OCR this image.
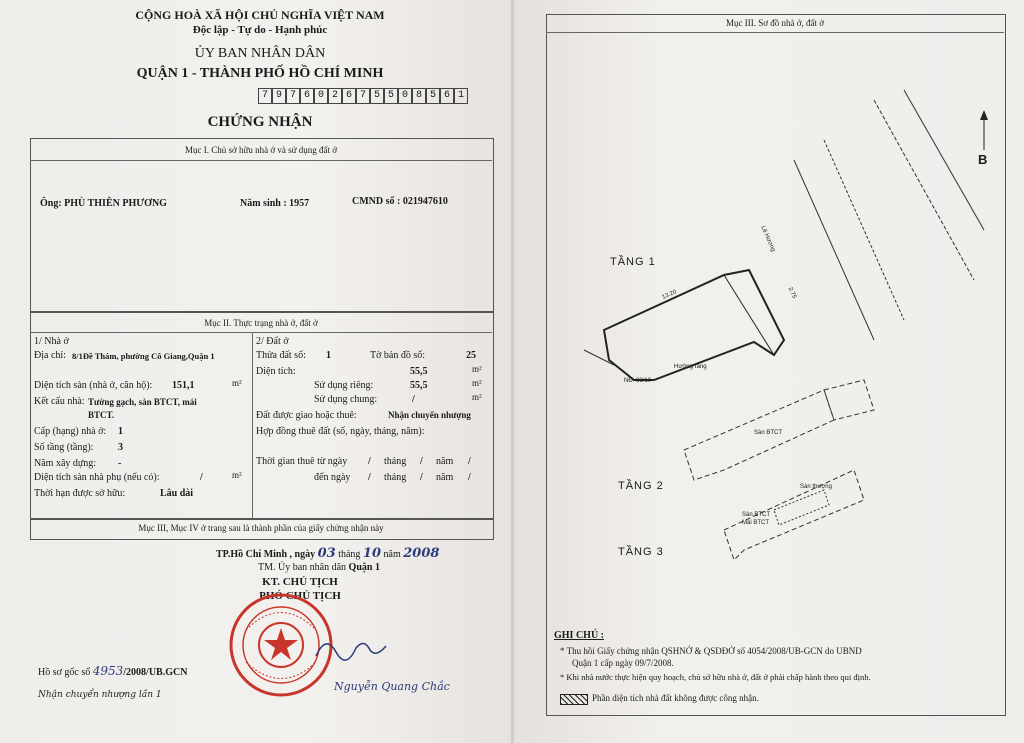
CỘNG HOÀ XÃ HỘI CHỦ NGHĨA VIỆT NAM
Độc lập - Tự do - Hạnh phúc
ỦY BAN NHÂN DÂN
QUẬN 1 - THÀNH PHỐ HỒ CHÍ MINH
7 9 7 6 0 2 6 7 5 5 0 8 5 6 1
CHỨNG NHẬN
Mục I. Chủ sở hữu nhà ở và sử dụng đất ở
Ông: PHÙ THIÊN PHƯƠNG	Năm sinh : 1957	CMND số : 021947610
Mục II. Thực trạng nhà ở, đất ở
1/ Nhà ở
Địa chỉ: 8/1Đề Thám, phường Cô Giang,Quận 1
Diện tích sàn (nhà ở, căn hộ): 151,1	m²
Kết cấu nhà: Tường gạch, sàn BTCT, mái
BTCT.
Cấp (hạng) nhà ở: 1
Số tầng (tầng): 3
Năm xây dựng: -
Diện tích sàn nhà phụ (nếu có):	/	m²
Thời hạn được sở hữu:	Lâu dài
2/ Đất ở
Thửa đất số: 1	Tờ bản đồ số:	25
Diện tích:	55,5	m²
Sử dụng riêng:	55,5	m²
Sử dụng chung:	/	m²
Đất được giao hoặc thuê:	Nhận chuyển nhượng
Hợp đồng thuê đất (số, ngày, tháng, năm):
Thời gian thuê từ ngày / tháng / năm /
đến ngày / tháng / năm /
Mục III, Mục IV ở trang sau là thành phần của giấy chứng nhận này
TP.Hồ Chí Minh , ngày 03 tháng 10 năm 2008
TM. Ủy ban nhân dân Quận 1
KT. CHỦ TỊCH
PHÓ CHỦ TỊCH
Nguyễn Quang Chắc
Hồ sơ gốc số 4953/2008/UB.GCN
Nhận chuyển nhượng lần 1
Mục III. Sơ đồ nhà ở, đất ở
B
Lê Hương
2.75
13.20
NĐ: 83/10
Hướng rằng
Sàn BTCT
Sàn thượng
Sàn BTCT
Mái BTCT
TẦNG 1
TẦNG 2
TẦNG 3
GHI CHÚ :
* Thu hồi Giấy chứng nhận QSHNỞ & QSDĐỞ số 4054/2008/UB-GCN do UBND
Quận 1 cấp ngày 09/7/2008.
* Khi nhà nước thực hiện quy hoạch, chủ sở hữu nhà ở, đất ở phải chấp hành theo qui định.
Phần diện tích nhà đất không được công nhận.
